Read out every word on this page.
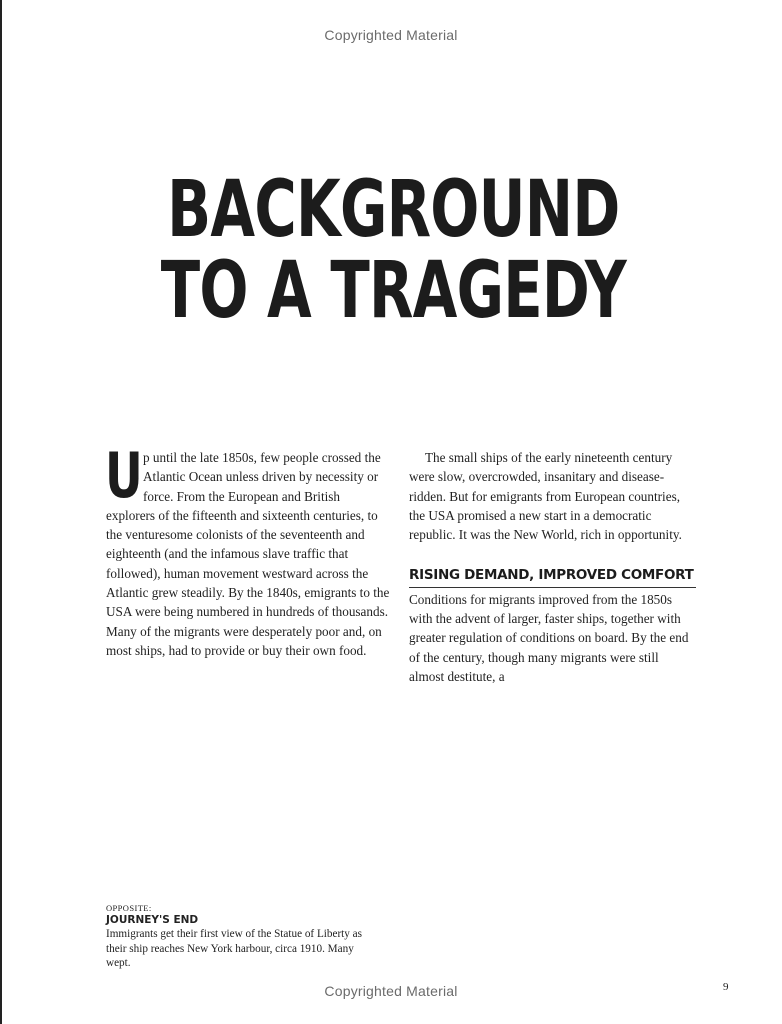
Copyrighted Material
BACKGROUND
TO A TRAGEDY

Up until the late 1850s, few people crossed the Atlantic Ocean unless driven by necessity or force. From the European and British explorers of the fifteenth and sixteenth centuries, to the venturesome colonists of the seventeenth and eighteenth (and the infamous slave traffic that followed), human movement westward across the Atlantic grew steadily. By the 1840s, emigrants to the USA were being numbered in hundreds of thousands. Many of the migrants were desperately poor and, on most ships, had to provide or buy their own food.

The small ships of the early nineteenth century were slow, overcrowded, insanitary and disease-ridden. But for emigrants from European countries, the USA promised a new start in a democratic republic. It was the New World, rich in opportunity.

RISING DEMAND, IMPROVED COMFORT

Conditions for migrants improved from the 1850s with the advent of larger, faster ships, together with greater regulation of conditions on board. By the end of the century, though many migrants were still almost destitute, a

OPPOSITE:
JOURNEY'S END
Immigrants get their first view of the Statue of Liberty as their ship reaches New York harbour, circa 1910. Many wept.
Copyrighted Material	9
